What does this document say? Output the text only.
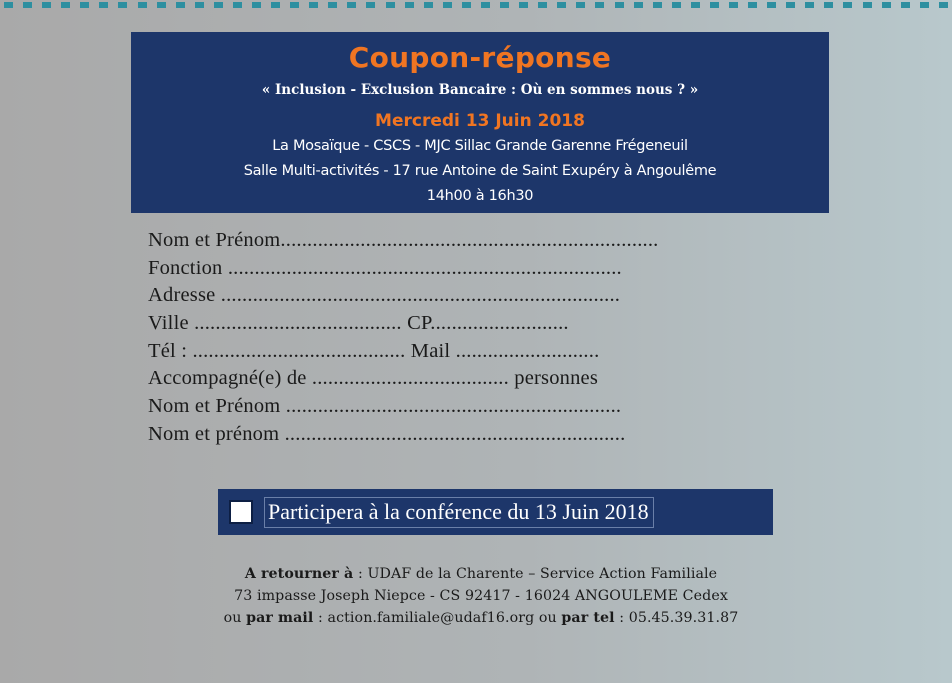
Coupon-réponse
« Inclusion - Exclusion Bancaire : Où en sommes nous ? »
Mercredi 13 Juin 2018
La Mosaïque - CSCS - MJC Sillac Grande Garenne Frégeneuil
Salle Multi-activités - 17 rue Antoine de Saint Exupéry à Angoulême
14h00 à 16h30
Nom et Prénom.......................................................................
Fonction ..........................................................................
Adresse ...........................................................................
Ville ....................................... CP..........................
Tél : ........................................ Mail ...........................
Accompagné(e) de ..................................... personnes
Nom et Prénom ...............................................................
Nom et prénom ................................................................
Participera à la conférence du 13 Juin 2018
A retourner à : UDAF de la Charente – Service Action Familiale
73 impasse Joseph Niepce - CS 92417 - 16024 ANGOULEME Cedex
ou par mail : action.familiale@udaf16.org ou par tel : 05.45.39.31.87
